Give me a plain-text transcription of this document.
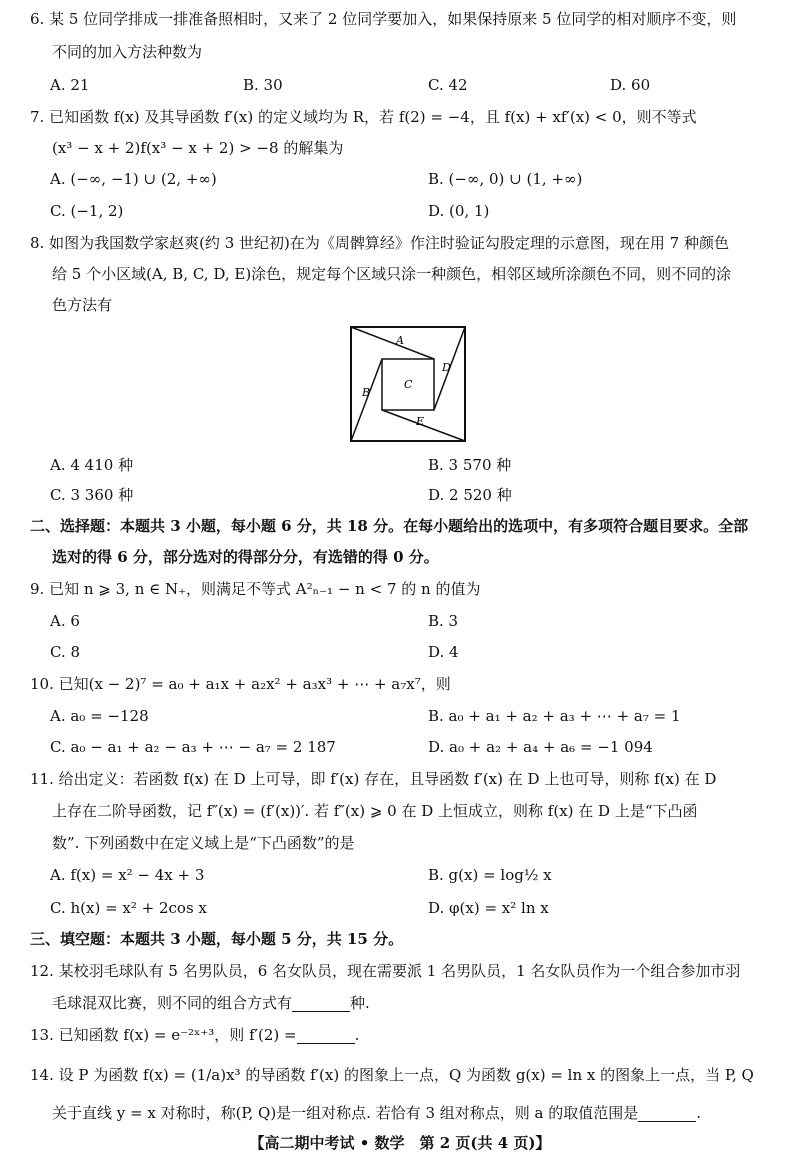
6. 某 5 位同学排成一排准备照相时，又来了 2 位同学要加入，如果保持原来 5 位同学的相对顺序不变，则
不同的加入方法种数为
A. 21	B. 30	C. 42	D. 60
7. 已知函数 f(x) 及其导函数 f′(x) 的定义域均为 R，若 f(2) = −4，且 f(x) + xf′(x) < 0，则不等式
(x³ − x + 2)f(x³ − x + 2) > −8 的解集为
A. (−∞, −1) ∪ (2, +∞)	B. (−∞, 0) ∪ (1, +∞)
C. (−1, 2)	D. (0, 1)
8. 如图为我国数学家赵爽(约 3 世纪初)在为《周髀算经》作注时验证勾股定理的示意图，现在用 7 种颜色
给 5 个小区域(A, B, C, D, E)涂色，规定每个区域只涂一种颜色，相邻区域所涂颜色不同，则不同的涂
色方法有
A
B
C
D
E
A. 4 410 种	B. 3 570 种
C. 3 360 种	D. 2 520 种
二、选择题：本题共 3 小题，每小题 6 分，共 18 分。在每小题给出的选项中，有多项符合题目要求。全部
选对的得 6 分，部分选对的得部分分，有选错的得 0 分。
9. 已知 n ⩾ 3, n ∈ N₊，则满足不等式 A²ₙ₋₁ − n < 7 的 n 的值为
A. 6	B. 3
C. 8	D. 4
10. 已知(x − 2)⁷ = a₀ + a₁x + a₂x² + a₃x³ + ⋯ + a₇x⁷，则
A. a₀ = −128	B. a₀ + a₁ + a₂ + a₃ + ⋯ + a₇ = 1
C. a₀ − a₁ + a₂ − a₃ + ⋯ − a₇ = 2 187	D. a₀ + a₂ + a₄ + a₆ = −1 094
11. 给出定义：若函数 f(x) 在 D 上可导，即 f′(x) 存在，且导函数 f′(x) 在 D 上也可导，则称 f(x) 在 D
上存在二阶导函数，记 f″(x) = (f′(x))′. 若 f″(x) ⩾ 0 在 D 上恒成立，则称 f(x) 在 D 上是“下凸函
数”. 下列函数中在定义域上是“下凸函数”的是
A. f(x) = x² − 4x + 3	B. g(x) = log½ x
C. h(x) = x² + 2cos x	D. φ(x) = x² ln x
三、填空题：本题共 3 小题，每小题 5 分，共 15 分。
12. 某校羽毛球队有 5 名男队员，6 名女队员，现在需要派 1 名男队员，1 名女队员作为一个组合参加市羽
毛球混双比赛，则不同的组合方式有	种.
13. 已知函数 f(x) = e⁻²ˣ⁺³，则 f′(2) =	.
14. 设 P 为函数 f(x) = (1/a)x³ 的导函数 f′(x) 的图象上一点，Q 为函数 g(x) = ln x 的图象上一点，当 P, Q
关于直线 y = x 对称时，称(P, Q)是一组对称点. 若恰有 3 组对称点，则 a 的取值范围是	.
【高二期中考试 • 数学　第 2 页(共 4 页)】
